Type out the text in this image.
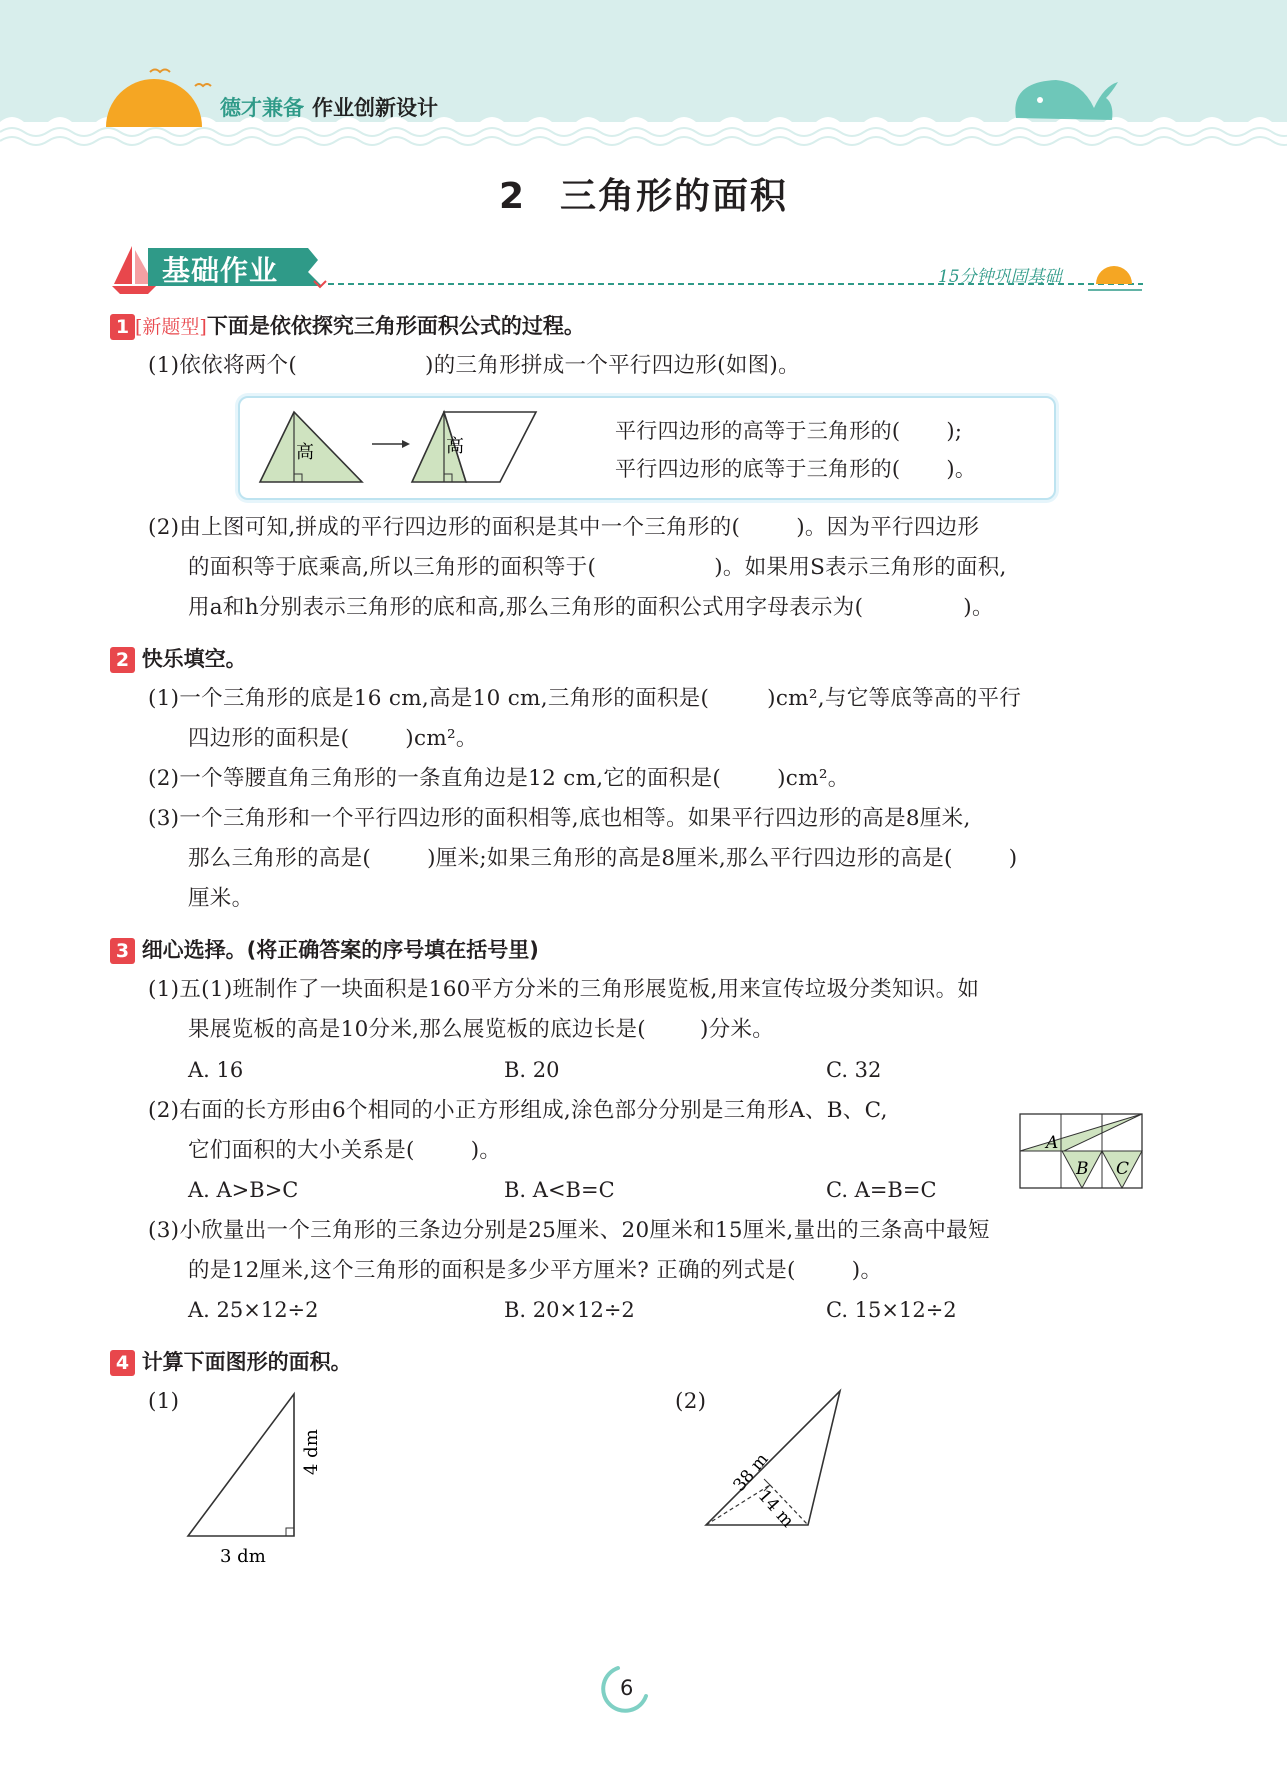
德才兼备 作业创新设计
2 三角形的面积
基础作业	15分钟巩固基础
1 [新题型]下面是依依探究三角形面积公式的过程。
(1)依依将两个(	)的三角形拼成一个平行四边形(如图)。
高	高
平行四边形的高等于三角形的( );
平行四边形的底等于三角形的( )。
(2)由上图可知,拼成的平行四边形的面积是其中一个三角形的(	)。因为平行四边形
的面积等于底乘高,所以三角形的面积等于(	)。如果用S表示三角形的面积,
用a和h分别表示三角形的底和高,那么三角形的面积公式用字母表示为(	)。
2 快乐填空。
(1)一个三角形的底是16 cm,高是10 cm,三角形的面积是(	)cm²,与它等底等高的平行
四边形的面积是(	)cm²。
(2)一个等腰直角三角形的一条直角边是12 cm,它的面积是(	)cm²。
(3)一个三角形和一个平行四边形的面积相等,底也相等。如果平行四边形的高是8厘米,
那么三角形的高是(	)厘米;如果三角形的高是8厘米,那么平行四边形的高是(	)
厘米。
3 细心选择。(将正确答案的序号填在括号里)
(1)五(1)班制作了一块面积是160平方分米的三角形展览板,用来宣传垃圾分类知识。如
果展览板的高是10分米,那么展览板的底边长是(	)分米。
A. 16	B. 20	C. 32
(2)右面的长方形由6个相同的小正方形组成,涂色部分分别是三角形A、B、C,
它们面积的大小关系是(	)。
A. A>B>C	B. A<B=C	C. A=B=C
A
B C
(3)小欣量出一个三角形的三条边分别是25厘米、20厘米和15厘米,量出的三条高中最短
的是12厘米,这个三角形的面积是多少平方厘米? 正确的列式是(	)。
A. 25×12÷2	B. 20×12÷2	C. 15×12÷2
4 计算下面图形的面积。
(1)	(2)
4 dm
3 dm
38 m
14 m
6
